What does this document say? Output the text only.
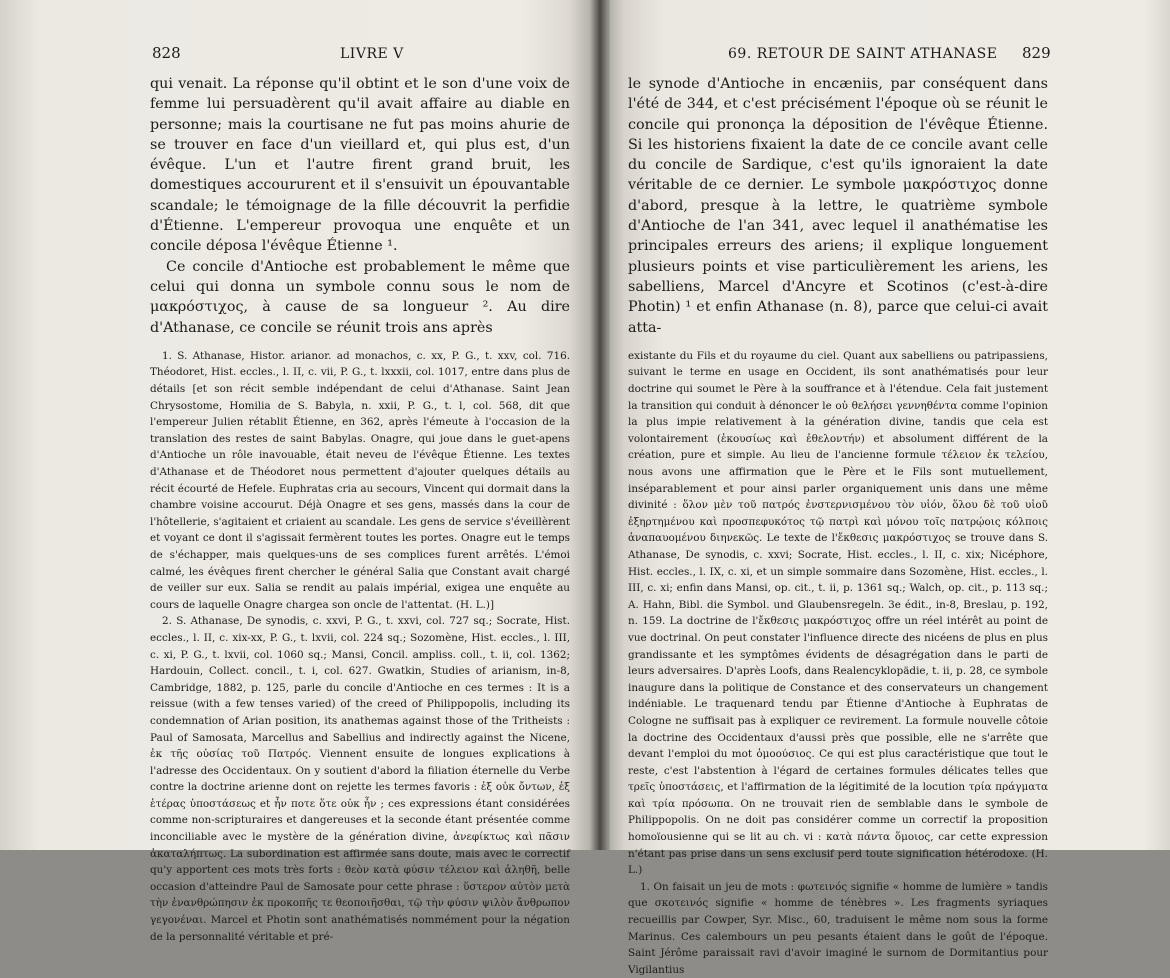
828	LIVRE V	69. RETOUR DE SAINT ATHANASE 829

qui venait. La réponse qu'il obtint et le son d'une voix de femme lui persuadèrent qu'il avait affaire au diable en personne; mais la courtisane ne fut pas moins ahurie de se trouver en face d'un vieillard et, qui plus est, d'un évêque. L'un et l'autre firent grand bruit, les domestiques accoururent et il s'ensuivit un épouvantable scandale; le témoignage de la fille découvrit la perfidie d'Étienne. L'empereur provoqua une enquête et un concile déposa l'évêque Étienne ¹.

Ce concile d'Antioche est probablement le même que celui qui donna un symbole connu sous le nom de μακρόστιχος, à cause de sa longueur ². Au dire d'Athanase, ce concile se réunit trois ans après

1. S. Athanase, Histor. arianor. ad monachos, c. xx, P. G., t. xxv, col. 716. Théodoret, Hist. eccles., l. II, c. vii, P. G., t. lxxxii, col. 1017, entre dans plus de détails [et son récit semble indépendant de celui d'Athanase. Saint Jean Chrysostome, Homilia de S. Babyla, n. xxii, P. G., t. l, col. 568, dit que l'empereur Julien rétablit Étienne, en 362, après l'émeute à l'occasion de la translation des restes de saint Babylas. Onagre, qui joue dans le guet-apens d'Antioche un rôle inavouable, était neveu de l'évêque Étienne. Les textes d'Athanase et de Théodoret nous permettent d'ajouter quelques détails au récit écourté de Hefele. Euphratas cria au secours, Vincent qui dormait dans la chambre voisine accourut. Déjà Onagre et ses gens, massés dans la cour de l'hôtellerie, s'agitaient et criaient au scandale. Les gens de service s'éveillèrent et voyant ce dont il s'agissait fermèrent toutes les portes. Onagre eut le temps de s'échapper, mais quelques-uns de ses complices furent arrêtés. L'émoi calmé, les évêques firent chercher le général Salia que Constant avait chargé de veiller sur eux. Salia se rendit au palais impérial, exigea une enquête au cours de laquelle Onagre chargea son oncle de l'attentat. (H. L.)]

2. S. Athanase, De synodis, c. xxvi, P. G., t. xxvi, col. 727 sq.; Socrate, Hist. eccles., l. II, c. xix-xx, P. G., t. lxvii, col. 224 sq.; Sozomène, Hist. eccles., l. III, c. xi, P. G., t. lxvii, col. 1060 sq.; Mansi, Concil. ampliss. coll., t. ii, col. 1362; Hardouin, Collect. concil., t. i, col. 627. Gwatkin, Studies of arianism, in-8, Cambridge, 1882, p. 125, parle du concile d'Antioche en ces termes : It is a reissue (with a few tenses varied) of the creed of Philippopolis, including its condemnation of Arian position, its anathemas against those of the Tritheists : Paul of Samosata, Marcellus and Sabellius and indirectly against the Nicene, ἐκ τῆς οὐσίας τοῦ Πατρός. Viennent ensuite de longues explications à l'adresse des Occidentaux. On y soutient d'abord la filiation éternelle du Verbe contre la doctrine arienne dont on rejette les termes favoris : ἐξ οὐκ ὄντων, ἐξ ἑτέρας ὑποστάσεως et ἦν ποτε ὅτε οὐκ ἦν ; ces expressions étant considérées comme non-scripturaires et dangereuses et la seconde étant présentée comme inconciliable avec le mystère de la génération divine, ἀνεφίκτως καὶ πᾶσιν ἀκαταλήπτως. La subordination est affirmée sans doute, mais avec le correctif qu'y apportent ces mots très forts : θεὸν κατὰ φύσιν τέλειον καὶ ἀληθῆ, belle occasion d'atteindre Paul de Samosate pour cette phrase : ὕστερον αὐτὸν μετὰ τὴν ἐνανθρώπησιν ἐκ προκοπῆς τε θεοποιῆσθαι, τῷ τὴν φύσιν ψιλὸν ἄνθρωπον γεγονέναι. Marcel et Photin sont anathématisés nommément pour la négation de la personnalité véritable et pré-

le synode d'Antioche in encæniis, par conséquent dans l'été de 344, et c'est précisément l'époque où se réunit le concile qui prononça la déposition de l'évêque Étienne. Si les historiens fixaient la date de ce concile avant celle du concile de Sardique, c'est qu'ils ignoraient la date véritable de ce dernier. Le symbole μακρόστιχος donne d'abord, presque à la lettre, le quatrième symbole d'Antioche de l'an 341, avec lequel il anathématise les principales erreurs des ariens; il explique longuement plusieurs points et vise particulièrement les ariens, les sabelliens, Marcel d'Ancyre et Scotinos (c'est-à-dire Photin) ¹ et enfin Athanase (n. 8), parce que celui-ci avait atta-

existante du Fils et du royaume du ciel. Quant aux sabelliens ou patripassiens, suivant le terme en usage en Occident, ils sont anathématisés pour leur doctrine qui soumet le Père à la souffrance et à l'étendue. Cela fait justement la transition qui conduit à dénoncer le οὐ θελήσει γεννηθέντα comme l'opinion la plus impie relativement à la génération divine, tandis que cela est volontairement (ἑκουσίως καὶ ἐθελοντήν) et absolument différent de la création, pure et simple. Au lieu de l'ancienne formule τέλειον ἐκ τελείου, nous avons une affirmation que le Père et le Fils sont mutuellement, inséparablement et pour ainsi parler organiquement unis dans une même divinité : ὅλον μὲν τοῦ πατρός ἐνστερνισμένου τὸν υἱόν, ὅλου δὲ τοῦ υἱοῦ ἐξηρτημένου καὶ προσπεφυκότος τῷ πατρὶ καὶ μόνου τοῖς πατρῴοις κόλποις ἀναπαυομένου διηνεκῶς. Le texte de l'ἔκθεσις μακρόστιχος se trouve dans S. Athanase, De synodis, c. xxvi; Socrate, Hist. eccles., l. II, c. xix; Nicéphore, Hist. eccles., l. IX, c. xi, et un simple sommaire dans Sozomène, Hist. eccles., l. III, c. xi; enfin dans Mansi, op. cit., t. ii, p. 1361 sq.; Walch, op. cit., p. 113 sq.; A. Hahn, Bibl. die Symbol. und Glaubensregeln. 3e édit., in-8, Breslau, p. 192, n. 159. La doctrine de l'ἔκθεσις μακρόστιχος offre un réel intérêt au point de vue doctrinal. On peut constater l'influence directe des nicéens de plus en plus grandissante et les symptômes évidents de désagrégation dans le parti de leurs adversaires. D'après Loofs, dans Realencyklopädie, t. ii, p. 28, ce symbole inaugure dans la politique de Constance et des conservateurs un changement indéniable. Le traquenard tendu par Étienne d'Antioche à Euphratas de Cologne ne suffisait pas à expliquer ce revirement. La formule nouvelle côtoie la doctrine des Occidentaux d'aussi près que possible, elle ne s'arrête que devant l'emploi du mot ὁμοούσιος. Ce qui est plus caractéristique que tout le reste, c'est l'abstention à l'égard de certaines formules délicates telles que τρεῖς ὑποστάσεις, et l'affirmation de la légitimité de la locution τρία πράγματα καὶ τρία πρόσωπα. On ne trouvait rien de semblable dans le symbole de Philippopolis. On ne doit pas considérer comme un correctif la proposition homoïousienne qui se lit au ch. vi : κατὰ πάντα ὅμοιος, car cette expression n'étant pas prise dans un sens exclusif perd toute signification hétérodoxe. (H. L.)

1. On faisait un jeu de mots : φωτεινός signifie « homme de lumière » tandis que σκοτεινός signifie « homme de ténèbres ». Les fragments syriaques recueillis par Cowper, Syr. Misc., 60, traduisent le même nom sous la forme Marinus. Ces calembours un peu pesants étaient dans le goût de l'époque. Saint Jérôme paraissait ravi d'avoir imaginé le surnom de Dormitantius pour Vigilantius
